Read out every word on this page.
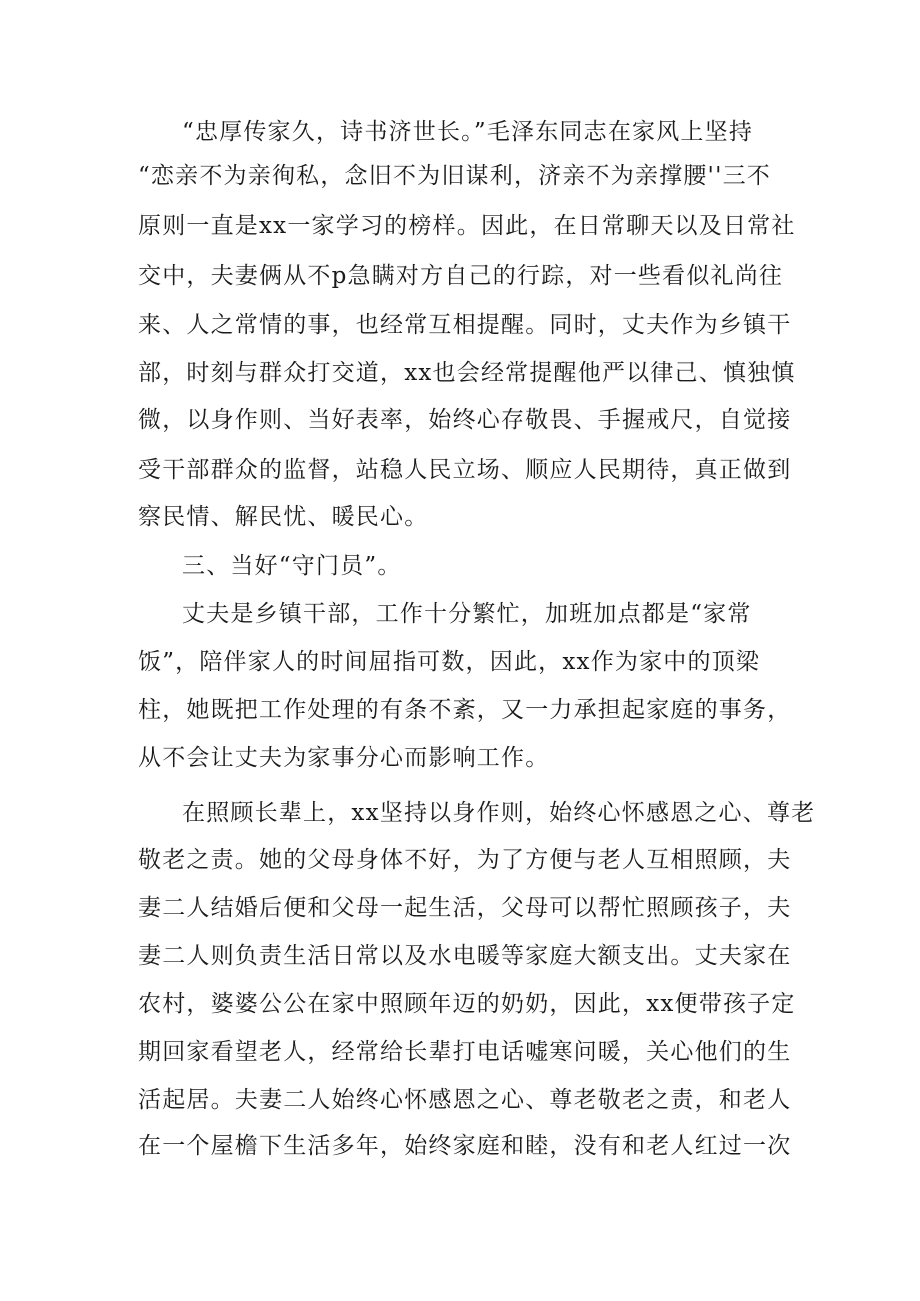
“忠厚传家久，诗书济世长。”毛泽东同志在家风上坚持
“恋亲不为亲徇私，念旧不为旧谋利，济亲不为亲撑腰''三不
原则一直是xx一家学习的榜样。因此，在日常聊天以及日常社
交中，夫妻俩从不p急瞒对方自己的行踪，对一些看似礼尚往
来、人之常情的事，也经常互相提醒。同时，丈夫作为乡镇干
部，时刻与群众打交道，xx也会经常提醒他严以律己、慎独慎
微，以身作则、当好表率，始终心存敬畏、手握戒尺，自觉接
受干部群众的监督，站稳人民立场、顺应人民期待，真正做到
察民情、解民忧、暖民心。
三、当好“守门员”。
丈夫是乡镇干部，工作十分繁忙，加班加点都是“家常
饭”，陪伴家人的时间屈指可数，因此，xx作为家中的顶梁
柱，她既把工作处理的有条不紊，又一力承担起家庭的事务，
从不会让丈夫为家事分心而影响工作。
在照顾长辈上，xx坚持以身作则，始终心怀感恩之心、尊老
敬老之责。她的父母身体不好，为了方便与老人互相照顾，夫
妻二人结婚后便和父母一起生活，父母可以帮忙照顾孩子，夫
妻二人则负责生活日常以及水电暖等家庭大额支出。丈夫家在
农村，婆婆公公在家中照顾年迈的奶奶，因此，xx便带孩子定
期回家看望老人，经常给长辈打电话嘘寒问暖，关心他们的生
活起居。夫妻二人始终心怀感恩之心、尊老敬老之责，和老人
在一个屋檐下生活多年，始终家庭和睦，没有和老人红过一次
